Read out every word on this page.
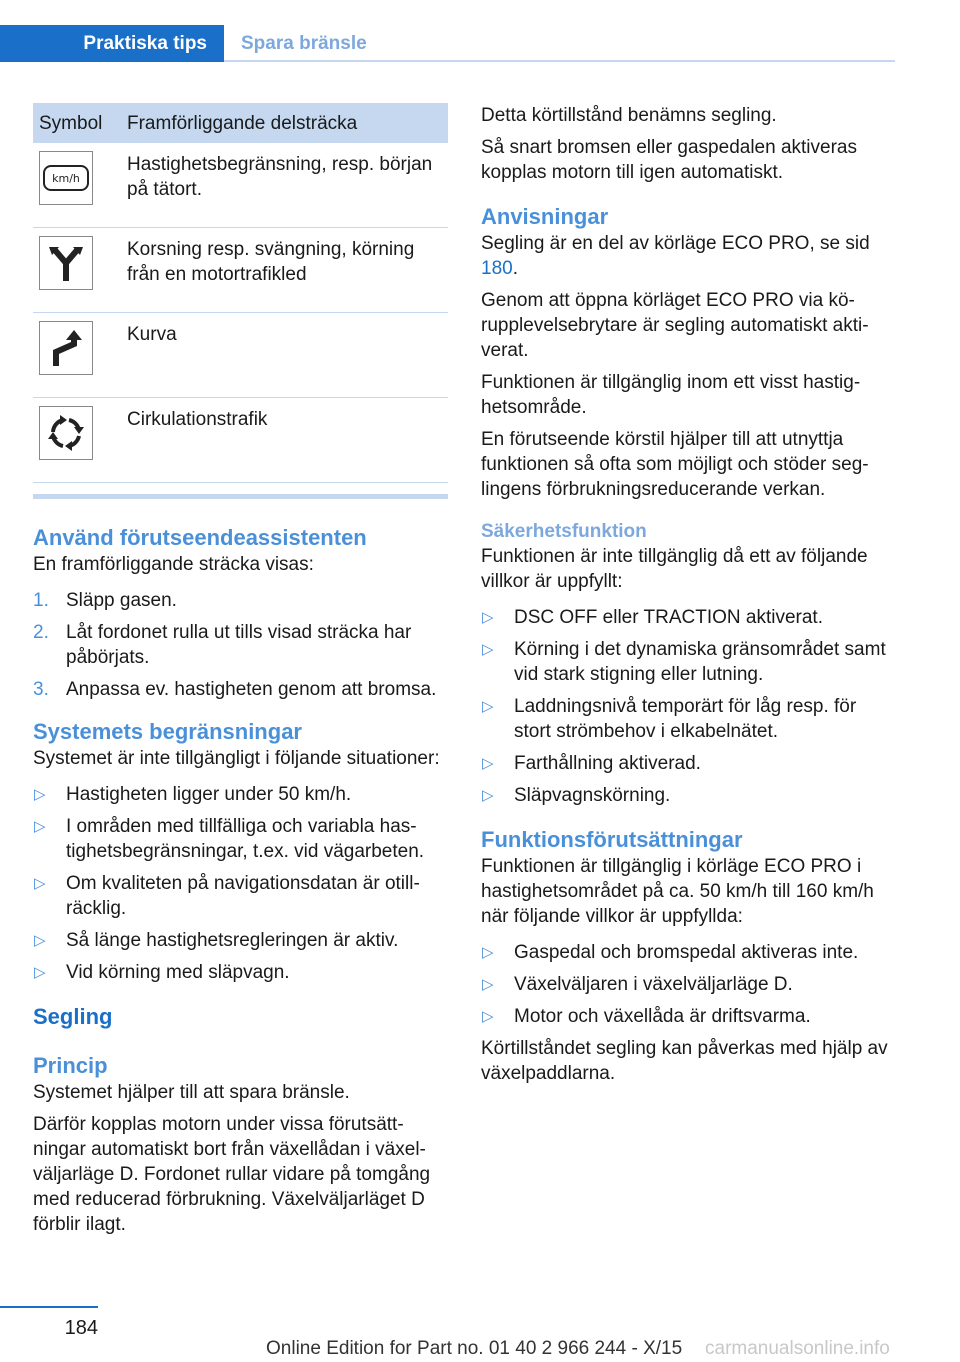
Praktiska tips	Spara bränsle
Symbol	Framförliggande delsträcka

km/h	Hastighetsbegränsning, resp. början på tätort.

	Korsning resp. svängning, körning från en motortrafikled

	Kurva

	Cirkulationstrafik
Använd förutseendeassistenten

En framförliggande sträcka visas:

1. Släpp gasen.
2. Låt fordonet rulla ut tills visad sträcka har påbörjats.
3. Anpassa ev. hastigheten genom att bromsa.
Systemets begränsningar

Systemet är inte tillgängligt i följande situationer:

▷ Hastigheten ligger under 50 km/h.
▷ I områden med tillfälliga och variabla hastighetsbegränsningar, t.ex. vid vägarbeten.
▷ Om kvaliteten på navigationsdatan är otillräcklig.
▷ Så länge hastighetsregleringen är aktiv.
▷ Vid körning med släpvagn.
Segling
Princip

Systemet hjälper till att spara bränsle.

Därför kopplas motorn under vissa förutsättningar automatiskt bort från växellådan i växelväljarläge D. Fordonet rullar vidare på tomgång med reducerad förbrukning. Växelväljarläget D förblir ilagt.

Detta körtillstånd benämns segling.

Så snart bromsen eller gaspedalen aktiveras kopplas motorn till igen automatiskt.

Anvisningar

Segling är en del av körläge ECO PRO, se sid 180.

Genom att öppna körläget ECO PRO via körupplevelsebrytare är segling automatiskt aktiverat.

Funktionen är tillgänglig inom ett visst hastighetsområde.

En förutseende körstil hjälper till att utnyttja funktionen så ofta som möjligt och stöder seglingens förbrukningsreducerande verkan.

Säkerhetsfunktion

Funktionen är inte tillgänglig då ett av följande villkor är uppfyllt:

▷ DSC OFF eller TRACTION aktiverat.
▷ Körning i det dynamiska gränsområdet samt vid stark stigning eller lutning.
▷ Laddningsnivå temporärt för låg resp. för stort strömbehov i elkabelnätet.
▷ Farthållning aktiverad.
▷ Släpvagnskörning.
Funktionsförutsättningar

Funktionen är tillgänglig i körläge ECO PRO i hastighetsområdet på ca. 50 km/h till 160 km/h när följande villkor är uppfyllda:

▷ Gaspedal och bromspedal aktiveras inte.
▷ Växelväljaren i växelväljarläge D.
▷ Motor och växellåda är driftsvarma.

Körtillståndet segling kan påverkas med hjälp av växelpaddlarna.

184
Online Edition for Part no. 01 40 2 966 244 - X/15 carmanualsonline.info
